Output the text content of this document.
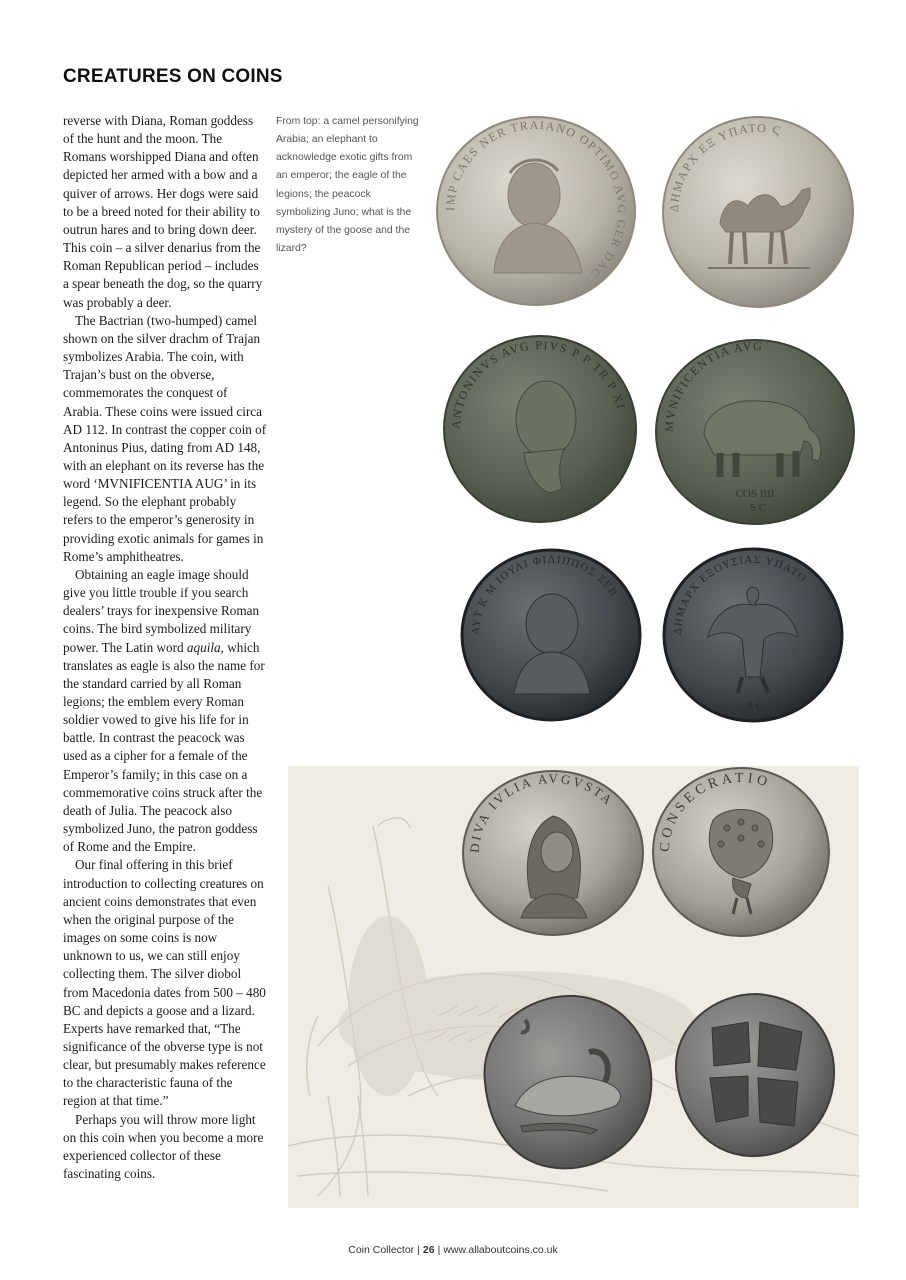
CREATURES ON COINS

reverse with Diana, Roman goddess of the hunt and the moon. The Romans worshipped Diana and often depicted her armed with a bow and a quiver of arrows. Her dogs were said to be a breed noted for their ability to outrun hares and to bring down deer. This coin – a silver denarius from the Roman Republican period – includes a spear beneath the dog, so the quarry was probably a deer.

The Bactrian (two-humped) camel shown on the silver drachm of Trajan symbolizes Arabia. The coin, with Trajan’s bust on the obverse, commemorates the conquest of Arabia. These coins were issued circa AD 112. In contrast the copper coin of Antoninus Pius, dating from AD 148, with an elephant on its reverse has the word ‘MVNIFICENTIA AUG’ in its legend. So the elephant probably refers to the emperor’s generosity in providing exotic animals for games in Rome’s amphitheatres.

Obtaining an eagle image should give you little trouble if you search dealers’ trays for inexpensive Roman coins. The bird symbolized military power. The Latin word aquila, which translates as eagle is also the name for the standard carried by all Roman legions; the emblem every Roman soldier vowed to give his life for in battle. In contrast the peacock was used as a cipher for a female of the Emperor’s family; in this case on a commemorative coins struck after the death of Julia. The peacock also symbolized Juno, the patron goddess of Rome and the Empire.

Our final offering in this brief introduction to collecting creatures on ancient coins demonstrates that even when the original purpose of the images on some coins is now unknown to us, we can still enjoy collecting them. The silver diobol from Macedonia dates from 500 – 480 BC and depicts a goose and a lizard. Experts have remarked that, “The significance of the obverse type is not clear, but presumably makes reference to the characteristic fauna of the region at that time.”

Perhaps you will throw more light on this coin when you become a more experienced collector of these fascinating coins.

From top: a camel personifying Arabia; an elephant to acknowledge exotic gifts from an emperor; the eagle of the legions; the peacock symbolizing Juno; what is the mystery of the goose and the lizard?
IMP CAES NER TRAIANO OPTIMO AVG GER DAC
ΔΗΜΑΡΧ ΕΞ ΥΠΑΤΟ Ϛ
ANTONINVS AVG PIVS P P TR P XI
MVNIFICENTIA AVG
COS IIII
S C
ΑΥΤ Κ Μ ΙΟΥΛΙ ΦΙΛΙΠΠΟΣ ΣΕΒ
ΔΗΜΑΡΧ ΕΞΟΥΣΙΑΣ ΥΠΑΤΟ
S C
DIVA IVLIA AVGVSTA
CONSECRATIO
Coin Collector | 26 | www.allaboutcoins.co.uk
